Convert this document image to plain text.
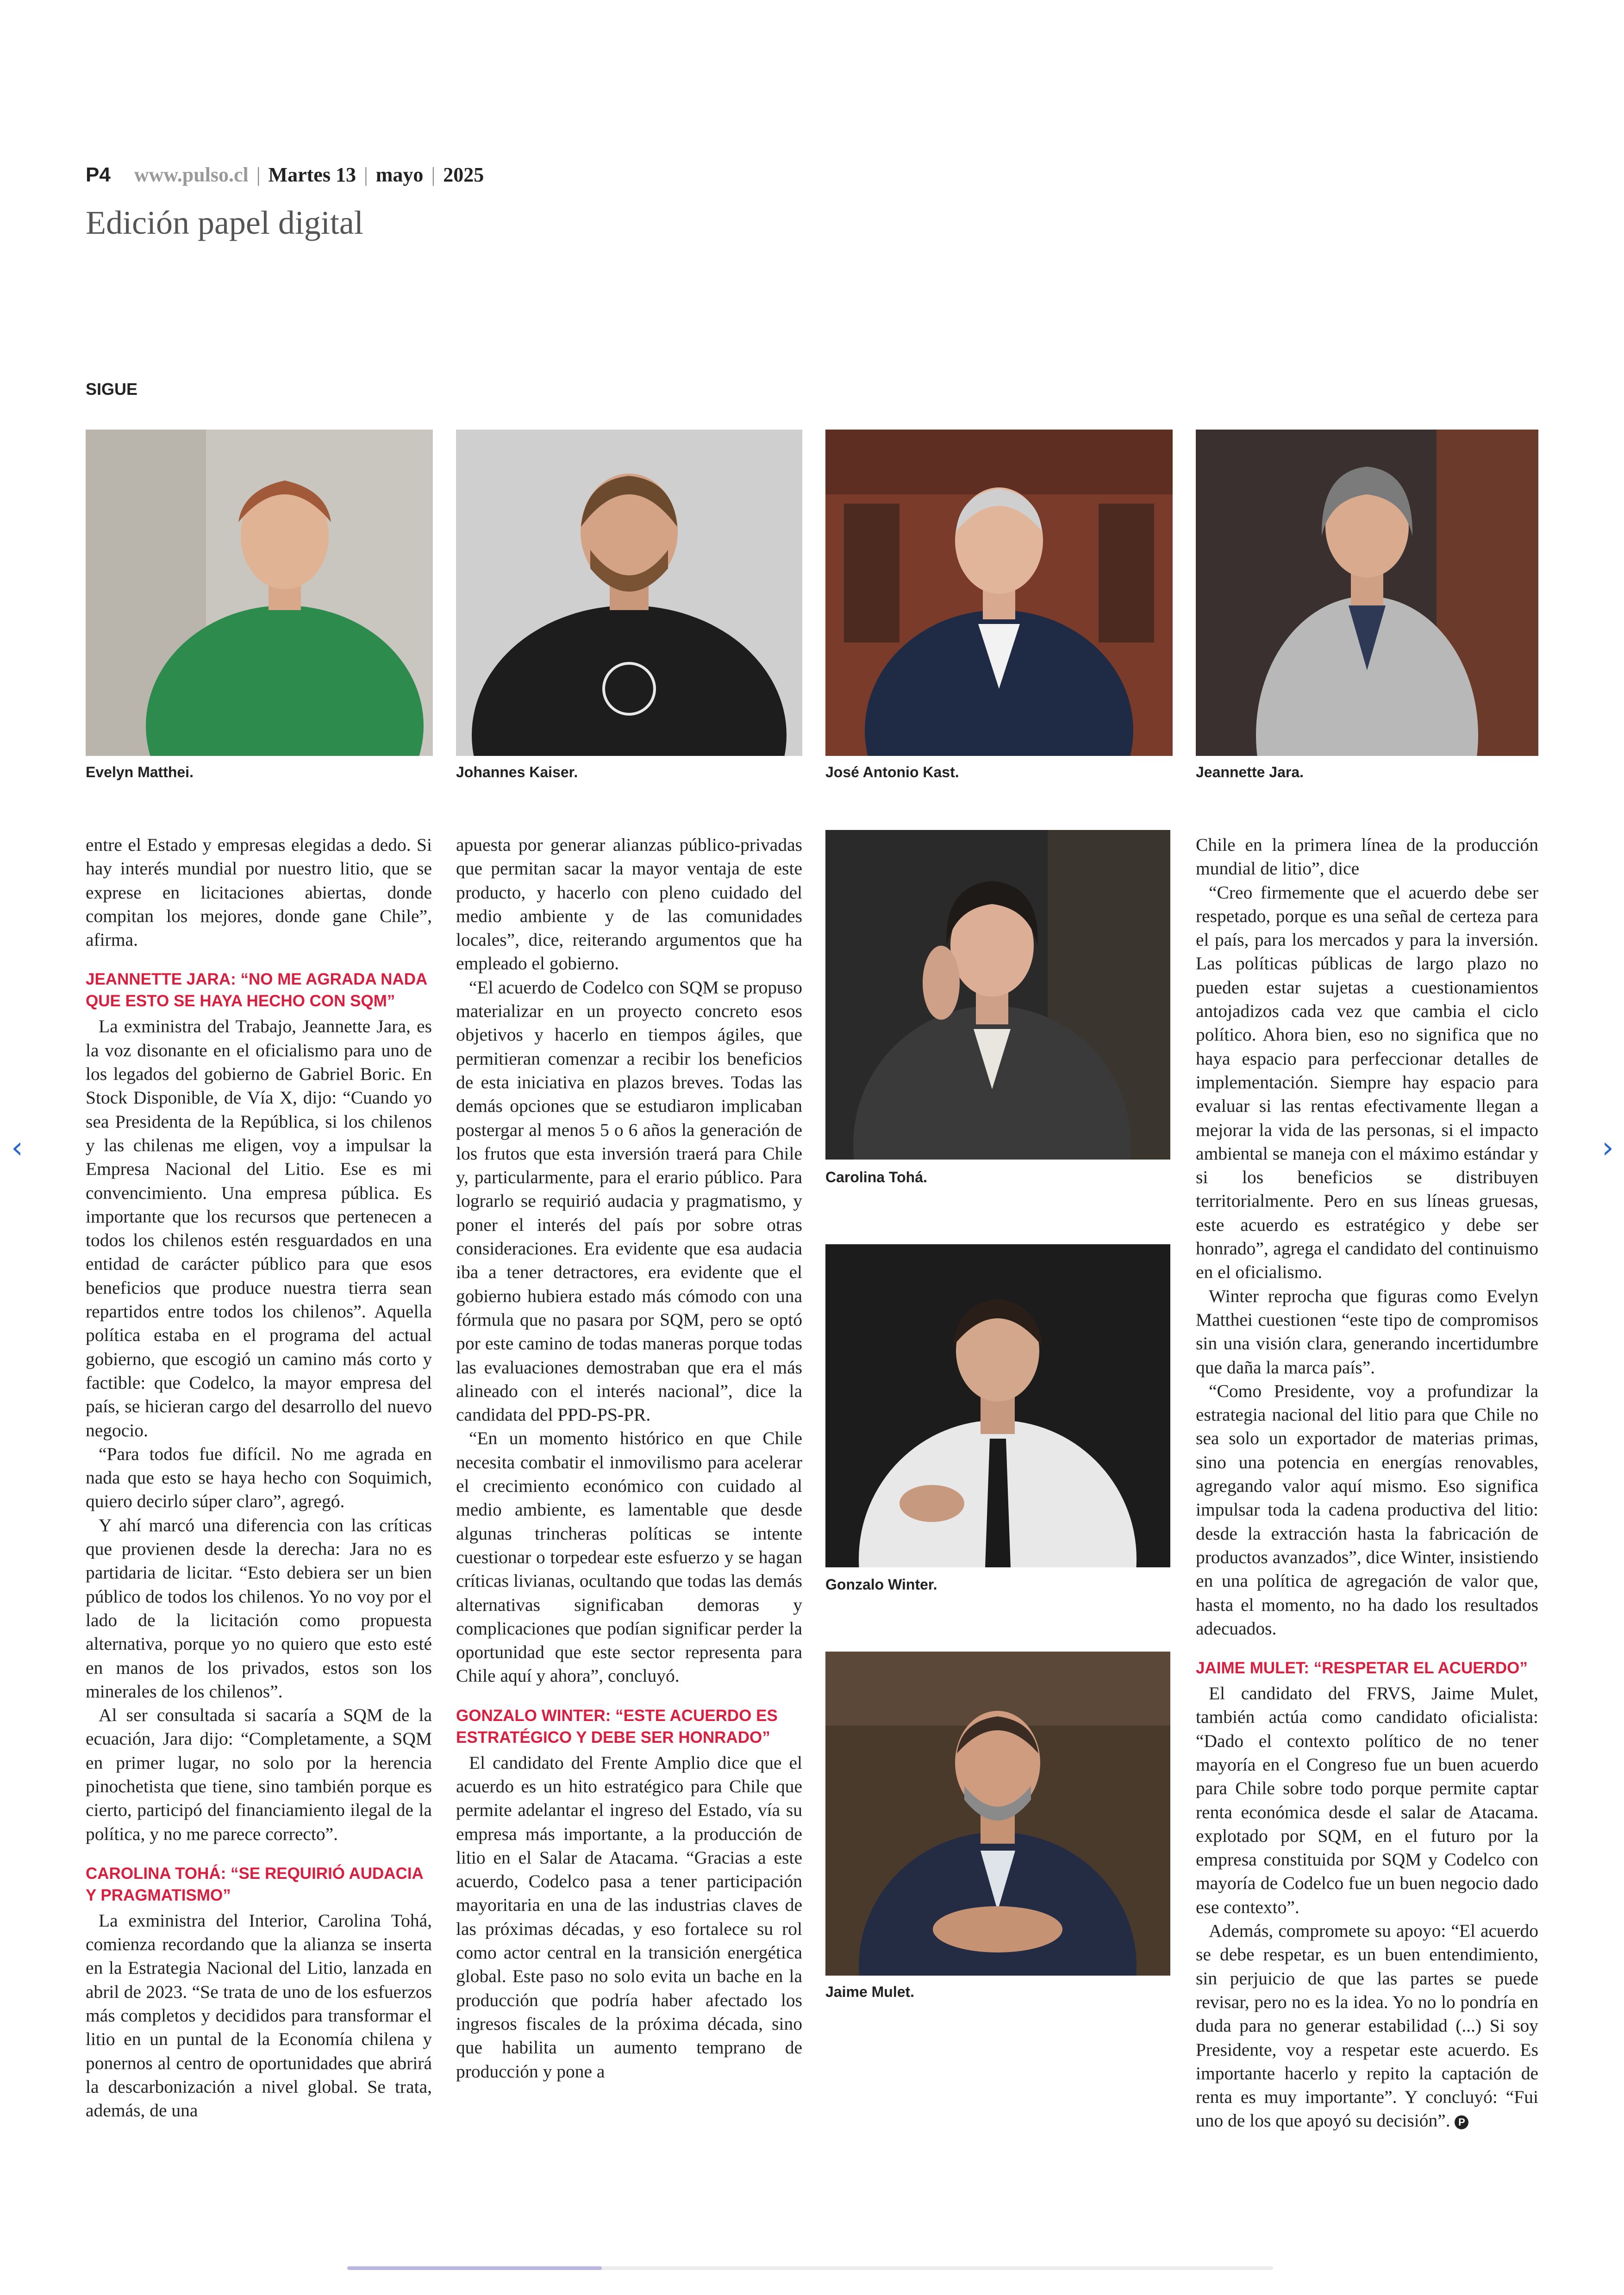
P4 www.pulso.cl | Martes 13 | mayo | 2025
Edición papel digital
SIGUE
Evelyn Matthei.	Johannes Kaiser.	José Antonio Kast.	Jeannette Jara.

entre el Estado y empresas elegidas a dedo. Si hay interés mundial por nuestro litio, que se exprese en licitaciones abiertas, donde compitan los mejores, donde gane Chile”, afirma.

JEANNETTE JARA: “NO ME AGRADA NADA QUE ESTO SE HAYA HECHO CON SQM”

La exministra del Trabajo, Jeannette Jara, es la voz disonante en el oficialismo para uno de los legados del gobierno de Gabriel Boric. En Stock Disponible, de Vía X, dijo: “Cuando yo sea Presidenta de la República, si los chilenos y las chilenas me eligen, voy a impulsar la Empresa Nacional del Litio. Ese es mi convencimiento. Una empresa pública. Es importante que los recursos que pertenecen a todos los chilenos estén resguardados en una entidad de carácter público para que esos beneficios que produce nuestra tierra sean repartidos entre todos los chilenos”. Aquella política estaba en el programa del actual gobierno, que escogió un camino más corto y factible: que Codelco, la mayor empresa del país, se hicieran cargo del desarrollo del nuevo negocio.

“Para todos fue difícil. No me agrada en nada que esto se haya hecho con Soquimich, quiero decirlo súper claro”, agregó.

Y ahí marcó una diferencia con las críticas que provienen desde la derecha: Jara no es partidaria de licitar. “Esto debiera ser un bien público de todos los chilenos. Yo no voy por el lado de la licitación como propuesta alternativa, porque yo no quiero que esto esté en manos de los privados, estos son los minerales de los chilenos”.

Al ser consultada si sacaría a SQM de la ecuación, Jara dijo: “Completamente, a SQM en primer lugar, no solo por la herencia pinochetista que tiene, sino también porque es cierto, participó del financiamiento ilegal de la política, y no me parece correcto”.

CAROLINA TOHÁ: “SE REQUIRIÓ AUDACIA Y PRAGMATISMO”

La exministra del Interior, Carolina Tohá, comienza recordando que la alianza se inserta en la Estrategia Nacional del Litio, lanzada en abril de 2023. “Se trata de uno de los esfuerzos más completos y decididos para transformar el litio en un puntal de la Economía chilena y ponernos al centro de oportunidades que abrirá la descarbonización a nivel global. Se trata, además, de una

apuesta por generar alianzas público-privadas que permitan sacar la mayor ventaja de este producto, y hacerlo con pleno cuidado del medio ambiente y de las comunidades locales”, dice, reiterando argumentos que ha empleado el gobierno.

“El acuerdo de Codelco con SQM se propuso materializar en un proyecto concreto esos objetivos y hacerlo en tiempos ágiles, que permitieran comenzar a recibir los beneficios de esta iniciativa en plazos breves. Todas las demás opciones que se estudiaron implicaban postergar al menos 5 o 6 años la generación de los frutos que esta inversión traerá para Chile y, particularmente, para el erario público. Para lograrlo se requirió audacia y pragmatismo, y poner el interés del país por sobre otras consideraciones. Era evidente que esa audacia iba a tener detractores, era evidente que el gobierno hubiera estado más cómodo con una fórmula que no pasara por SQM, pero se optó por este camino de todas maneras porque todas las evaluaciones demostraban que era el más alineado con el interés nacional”, dice la candidata del PPD-PS-PR.

“En un momento histórico en que Chile necesita combatir el inmovilismo para acelerar el crecimiento económico con cuidado al medio ambiente, es lamentable que desde algunas trincheras políticas se intente cuestionar o torpedear este esfuerzo y se hagan críticas livianas, ocultando que todas las demás alternativas significaban demoras y complicaciones que podían significar perder la oportunidad que este sector representa para Chile aquí y ahora”, concluyó.

GONZALO WINTER: “ESTE ACUERDO ES ESTRATÉGICO Y DEBE SER HONRADO”

El candidato del Frente Amplio dice que el acuerdo es un hito estratégico para Chile que permite adelantar el ingreso del Estado, vía su empresa más importante, a la producción de litio en el Salar de Atacama. “Gracias a este acuerdo, Codelco pasa a tener participación mayoritaria en una de las industrias claves de las próximas décadas, y eso fortalece su rol como actor central en la transición energética global. Este paso no solo evita un bache en la producción que podría haber afectado los ingresos fiscales de la próxima década, sino que habilita un aumento temprano de producción y pone a

Carolina Tohá.
Gonzalo Winter.
Jaime Mulet.

Chile en la primera línea de la producción mundial de litio”, dice

“Creo firmemente que el acuerdo debe ser respetado, porque es una señal de certeza para el país, para los mercados y para la inversión. Las políticas públicas de largo plazo no pueden estar sujetas a cuestionamientos antojadizos cada vez que cambia el ciclo político. Ahora bien, eso no significa que no haya espacio para perfeccionar detalles de implementación. Siempre hay espacio para evaluar si las rentas efectivamente llegan a mejorar la vida de las personas, si el impacto ambiental se maneja con el máximo estándar y si los beneficios se distribuyen territorialmente. Pero en sus líneas gruesas, este acuerdo es estratégico y debe ser honrado”, agrega el candidato del continuismo en el oficialismo.

Winter reprocha que figuras como Evelyn Matthei cuestionen “este tipo de compromisos sin una visión clara, generando incertidumbre que daña la marca país”.

“Como Presidente, voy a profundizar la estrategia nacional del litio para que Chile no sea solo un exportador de materias primas, sino una potencia en energías renovables, agregando valor aquí mismo. Eso significa impulsar toda la cadena productiva del litio: desde la extracción hasta la fabricación de productos avanzados”, dice Winter, insistiendo en una política de agregación de valor que, hasta el momento, no ha dado los resultados adecuados.

JAIME MULET: “RESPETAR EL ACUERDO”

El candidato del FRVS, Jaime Mulet, también actúa como candidato oficialista: “Dado el contexto político de no tener mayoría en el Congreso fue un buen acuerdo para Chile sobre todo porque permite captar renta económica desde el salar de Atacama. explotado por SQM, en el futuro por la empresa constituida por SQM y Codelco con mayoría de Codelco fue un buen negocio dado ese contexto”.

Además, compromete su apoyo: “El acuerdo se debe respetar, es un buen entendimiento, sin perjuicio de que las partes se puede revisar, pero no es la idea. Yo no lo pondría en duda para no generar estabilidad (...) Si soy Presidente, voy a respetar este acuerdo. Es importante hacerlo y repito la captación de renta es muy importante”. Y concluyó: “Fui uno de los que apoyó su decisión”. P

‹	›
